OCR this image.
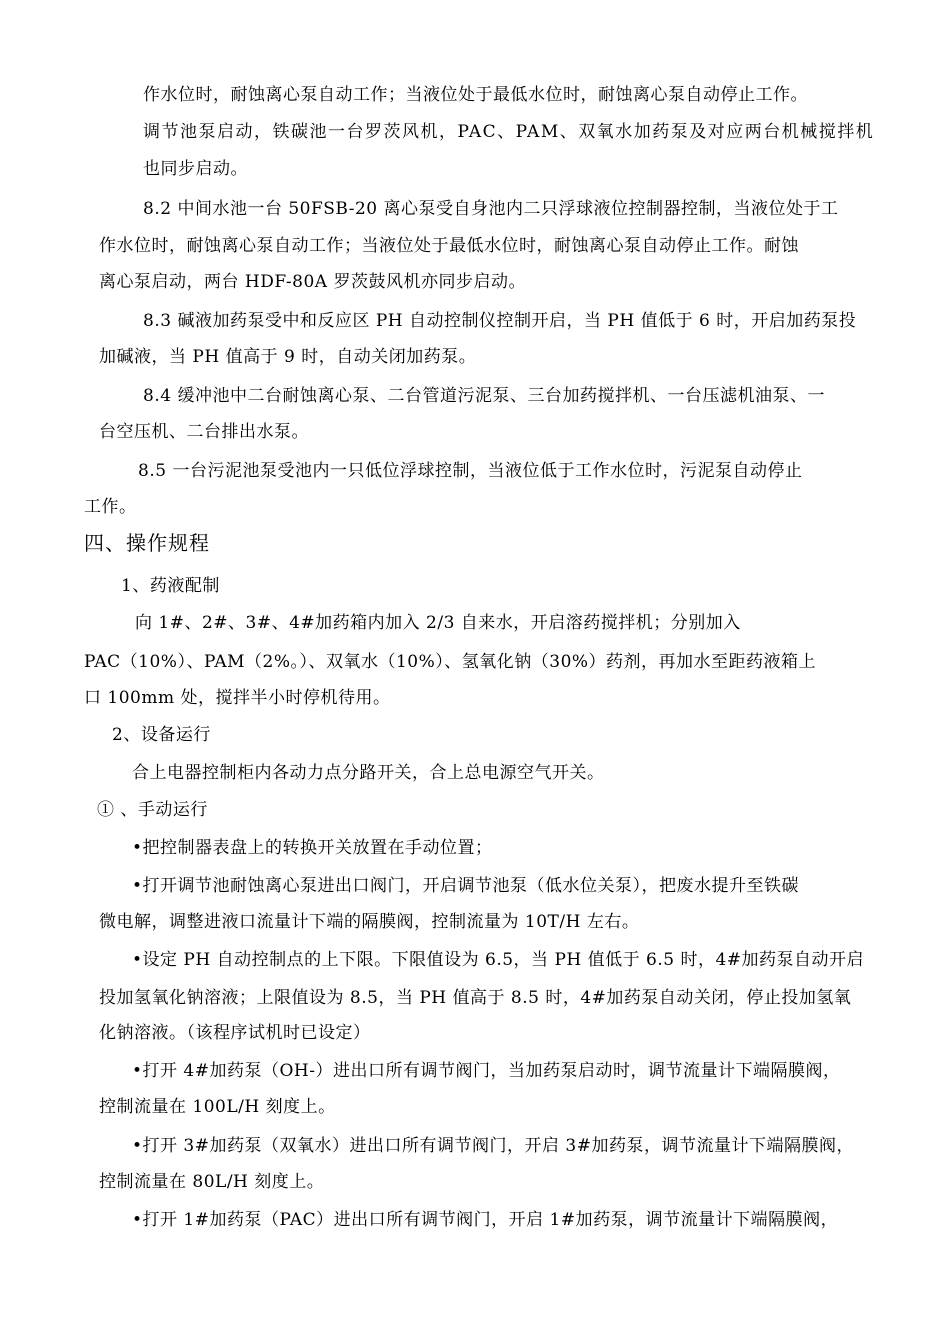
作水位时，耐蚀离心泵自动工作；当液位处于最低水位时，耐蚀离心泵自动停止工作。
调节池泵启动，铁碳池一台罗茨风机，PAC、PAM、双氧水加药泵及对应两台机械搅拌机
也同步启动。
8.2 中间水池一台 50FSB-20 离心泵受自身池内二只浮球液位控制器控制，当液位处于工
作水位时，耐蚀离心泵自动工作；当液位处于最低水位时，耐蚀离心泵自动停止工作。耐蚀
离心泵启动，两台 HDF-80A 罗茨鼓风机亦同步启动。
8.3 碱液加药泵受中和反应区 PH 自动控制仪控制开启，当 PH 值低于 6 时，开启加药泵投
加碱液，当 PH 值高于 9 时，自动关闭加药泵。
8.4 缓冲池中二台耐蚀离心泵、二台管道污泥泵、三台加药搅拌机、一台压滤机油泵、一
台空压机、二台排出水泵。
8.5 一台污泥池泵受池内一只低位浮球控制，当液位低于工作水位时，污泥泵自动停止
工作。
四、操作规程
1、药液配制
向 1#、2#、3#、4#加药箱内加入 2/3 自来水，开启溶药搅拌机；分别加入
PAC（10%）、PAM（2%。）、双氧水（10%）、氢氧化钠（30%）药剂，再加水至距药液箱上
口 100mm 处，搅拌半小时停机待用。
2、设备运行
合上电器控制柜内各动力点分路开关，合上总电源空气开关。
① 、手动运行
•把控制器表盘上的转换开关放置在手动位置；
•打开调节池耐蚀离心泵进出口阀门，开启调节池泵（低水位关泵），把废水提升至铁碳
微电解，调整进液口流量计下端的隔膜阀，控制流量为 10T/H 左右。
•设定 PH 自动控制点的上下限。下限值设为 6.5，当 PH 值低于 6.5 时，4#加药泵自动开启
投加氢氧化钠溶液；上限值设为 8.5，当 PH 值高于 8.5 时，4#加药泵自动关闭，停止投加氢氧
化钠溶液。（该程序试机时已设定）
•打开 4#加药泵（OH-）进出口所有调节阀门，当加药泵启动时，调节流量计下端隔膜阀，
控制流量在 100L/H 刻度上。
•打开 3#加药泵（双氧水）进出口所有调节阀门，开启 3#加药泵，调节流量计下端隔膜阀，
控制流量在 80L/H 刻度上。
•打开 1#加药泵（PAC）进出口所有调节阀门，开启 1#加药泵，调节流量计下端隔膜阀，
